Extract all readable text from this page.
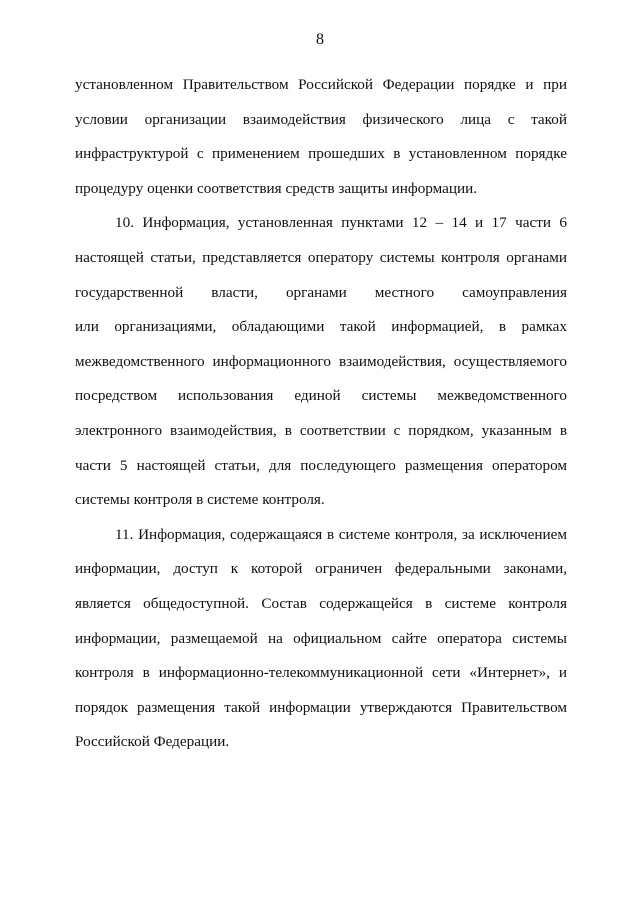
8
установленном Правительством Российской Федерации порядке и при
условии организации взаимодействия физического лица с такой
инфраструктурой с применением прошедших в установленном порядке
процедуру оценки соответствия средств защиты информации.
10. Информация, установленная пунктами 12 – 14 и 17 части 6
настоящей статьи, представляется оператору системы контроля органами
государственной власти, органами местного самоуправления
или организациями, обладающими такой информацией, в рамках
межведомственного информационного взаимодействия, осуществляемого
посредством использования единой системы межведомственного
электронного взаимодействия, в соответствии с порядком, указанным в
части 5 настоящей статьи, для последующего размещения оператором
системы контроля в системе контроля.
11. Информация, содержащаяся в системе контроля, за исключением
информации, доступ к которой ограничен федеральными законами,
является общедоступной. Состав содержащейся в системе контроля
информации, размещаемой на официальном сайте оператора системы
контроля в информационно-телекоммуникационной сети «Интернет», и
порядок размещения такой информации утверждаются Правительством
Российской Федерации.
